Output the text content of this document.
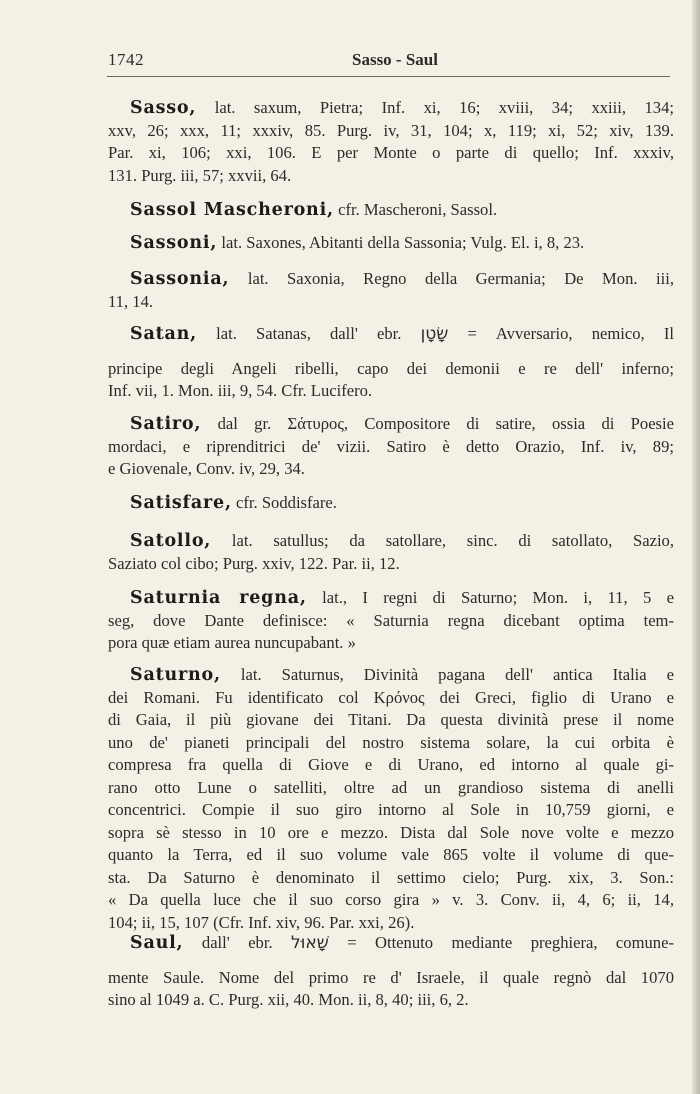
1742	Sasso - Saul
Sasso, lat. saxum, Pietra; Inf. xi, 16; xviii, 34; xxiii, 134;
xxv, 26; xxx, 11; xxxiv, 85. Purg. iv, 31, 104; x, 119; xi, 52; xiv, 139.
Par. xi, 106; xxi, 106. E per Monte o parte di quello; Inf. xxxiv,
131. Purg. iii, 57; xxvii, 64.
Sassol Mascheroni, cfr. Mascheroni, Sassol.
Sassoni, lat. Saxones, Abitanti della Sassonia; Vulg. El. i, 8, 23.
Sassonia, lat. Saxonia, Regno della Germania; De Mon. iii,
11, 14.
Satan, lat. Satanas, dall' ebr. שָׂטָן = Avversario, nemico, Il
principe degli Angeli ribelli, capo dei demonii e re dell' inferno;
Inf. vii, 1. Mon. iii, 9, 54. Cfr. Lucifero.
Satiro, dal gr. Σάτυρος, Compositore di satire, ossia di Poesie
mordaci, e riprenditrici de' vizii. Satiro è detto Orazio, Inf. iv, 89;
e Giovenale, Conv. iv, 29, 34.
Satisfare, cfr. Soddisfare.
Satollo, lat. satullus; da satollare, sinc. di satollato, Sazio,
Saziato col cibo; Purg. xxiv, 122. Par. ii, 12.
Saturnia regna, lat., I regni di Saturno; Mon. i, 11, 5 e
seg, dove Dante definisce: « Saturnia regna dicebant optima tem-
pora quæ etiam aurea nuncupabant. »
Saturno, lat. Saturnus, Divinità pagana dell' antica Italia e
dei Romani. Fu identificato col Κρόνος dei Greci, figlio di Urano e
di Gaia, il più giovane dei Titani. Da questa divinità prese il nome
uno de' pianeti principali del nostro sistema solare, la cui orbita è
compresa fra quella di Giove e di Urano, ed intorno al quale gi-
rano otto Lune o satelliti, oltre ad un grandioso sistema di anelli
concentrici. Compie il suo giro intorno al Sole in 10,759 giorni, e
sopra sè stesso in 10 ore e mezzo. Dista dal Sole nove volte e mezzo
quanto la Terra, ed il suo volume vale 865 volte il volume di que-
sta. Da Saturno è denominato il settimo cielo; Purg. xix, 3. Son.:
« Da quella luce che il suo corso gira » v. 3. Conv. ii, 4, 6; ii, 14,
104; ii, 15, 107 (Cfr. Inf. xiv, 96. Par. xxi, 26).
Saul, dall' ebr. שָׁאוּל = Ottenuto mediante preghiera, comune-
mente Saule. Nome del primo re d' Israele, il quale regnò dal 1070
sino al 1049 a. C. Purg. xii, 40. Mon. ii, 8, 40; iii, 6, 2.
